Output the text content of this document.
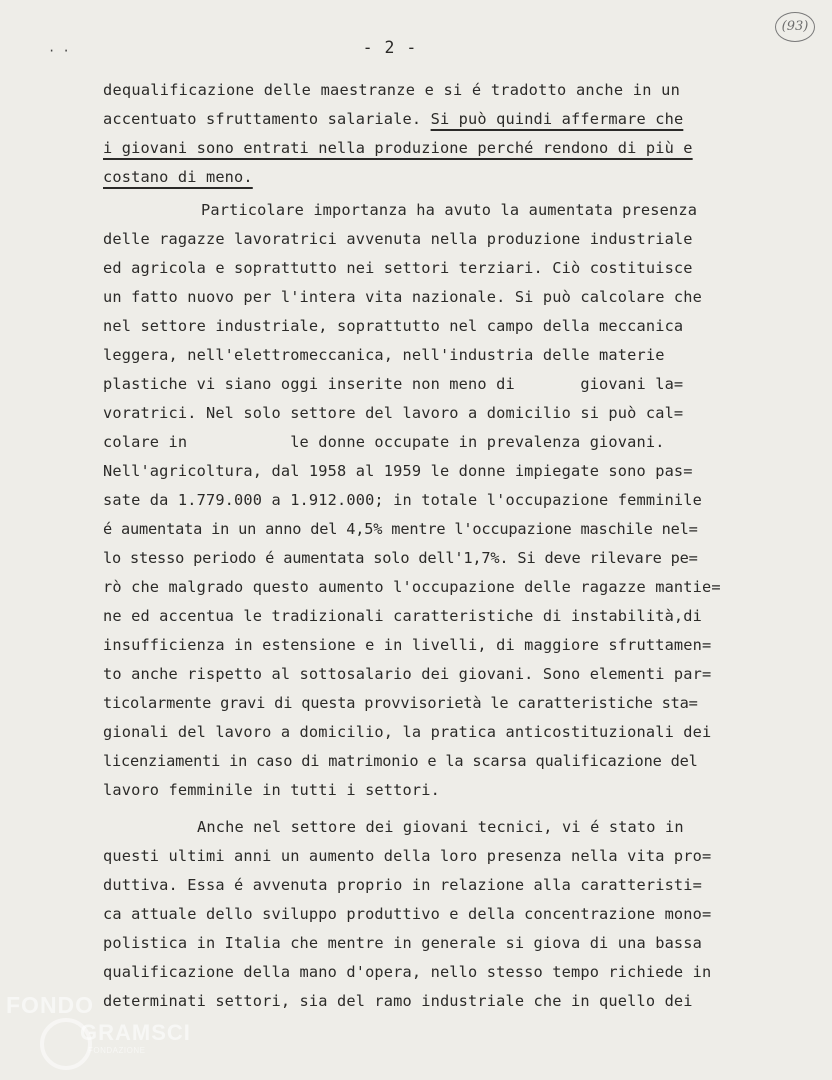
(93)
· ·	- 2 -
dequalificazione delle maestranze e si é tradotto anche in un
accentuato sfruttamento salariale. Si può quindi affermare che
i giovani sono entrati nella produzione perché rendono di più e
costano di meno.
Particolare importanza ha avuto la aumentata presenza
delle ragazze lavoratrici avvenuta nella produzione industriale
ed agricola e soprattutto nei settori terziari. Ciò costituisce
un fatto nuovo per l'intera vita nazionale. Si può calcolare che
nel settore industriale, soprattutto nel campo della meccanica
leggera, nell'elettromeccanica, nell'industria delle materie
plastiche vi siano oggi inserite non meno di       giovani la=
voratrici. Nel solo settore del lavoro a domicilio si può cal=
colare in           le donne occupate in prevalenza giovani.
Nell'agricoltura, dal 1958 al 1959 le donne impiegate sono pas=
sate da 1.779.000 a 1.912.000; in totale l'occupazione femminile
é aumentata in un anno del 4,5% mentre l'occupazione maschile nel=
lo stesso periodo é aumentata solo dell'1,7%. Si deve rilevare pe=
rò che malgrado questo aumento l'occupazione delle ragazze mantie=
ne ed accentua le tradizionali caratteristiche di instabilità,di
insufficienza in estensione e in livelli, di maggiore sfruttamen=
to anche rispetto al sottosalario dei giovani. Sono elementi par=
ticolarmente gravi di questa provvisorietà le caratteristiche sta=
gionali del lavoro a domicilio, la pratica anticostituzionali dei
licenziamenti in caso di matrimonio e la scarsa qualificazione del
lavoro femminile in tutti i settori.
Anche nel settore dei giovani tecnici, vi é stato in
questi ultimi anni un aumento della loro presenza nella vita pro=
duttiva. Essa é avvenuta proprio in relazione alla caratteristi=
ca attuale dello sviluppo produttivo e della concentrazione mono=
polistica in Italia che mentre in generale si giova di una bassa
qualificazione della mano d'opera, nello stesso tempo richiede in
determinati settori, sia del ramo industriale che in quello dei
FONDO
GRAMSCI
FONDAZIONE
